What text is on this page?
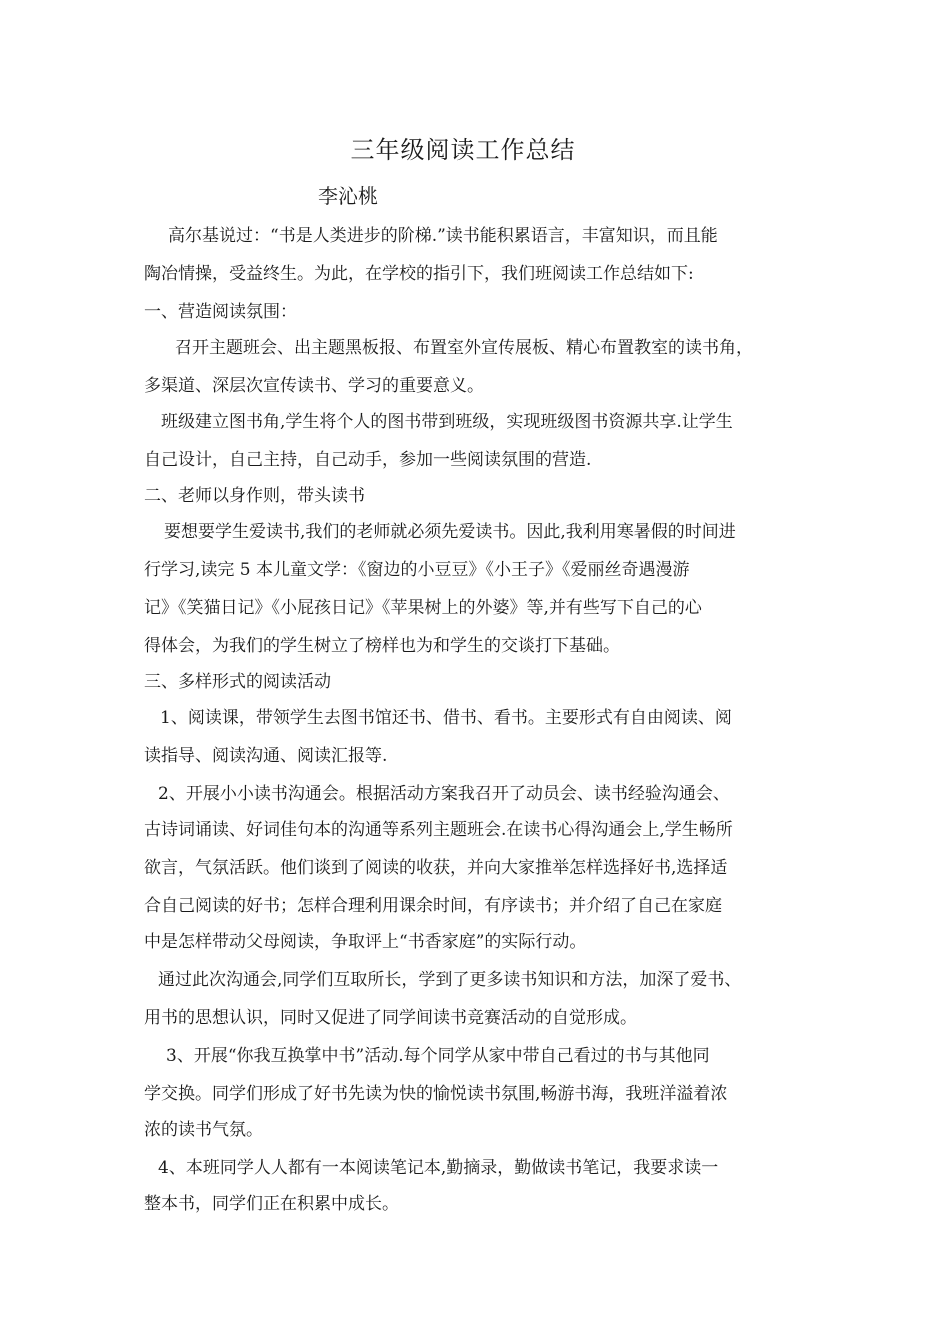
三年级阅读工作总结
李沁桃
高尔基说过：“书是人类进步的阶梯.”读书能积累语言，丰富知识，而且能
陶冶情操，受益终生。为此，在学校的指引下，我们班阅读工作总结如下:
一、营造阅读氛围：
召开主题班会、出主题黑板报、布置室外宣传展板、精心布置教室的读书角，
多渠道、深层次宣传读书、学习的重要意义。
班级建立图书角,学生将个人的图书带到班级，实现班级图书资源共享.让学生
自己设计，自己主持，自己动手，参加一些阅读氛围的营造.
二、老师以身作则，带头读书
要想要学生爱读书,我们的老师就必须先爱读书。因此,我利用寒暑假的时间进
行学习,读完 5 本儿童文学：《窗边的小豆豆》《小王子》《爱丽丝奇遇漫游
记》《笑猫日记》《小屁孩日记》《苹果树上的外婆》等,并有些写下自己的心
得体会，为我们的学生树立了榜样也为和学生的交谈打下基础。
三、多样形式的阅读活动
1、阅读课，带领学生去图书馆还书、借书、看书。主要形式有自由阅读、阅
读指导、阅读沟通、阅读汇报等.
2、开展小小读书沟通会。根据活动方案我召开了动员会、读书经验沟通会、
古诗词诵读、好词佳句本的沟通等系列主题班会.在读书心得沟通会上,学生畅所
欲言，气氛活跃。他们谈到了阅读的收获，并向大家推举怎样选择好书,选择适
合自己阅读的好书；怎样合理利用课余时间，有序读书；并介绍了自己在家庭
中是怎样带动父母阅读，争取评上“书香家庭”的实际行动。
通过此次沟通会,同学们互取所长，学到了更多读书知识和方法，加深了爱书、
用书的思想认识，同时又促进了同学间读书竞赛活动的自觉形成。
3、开展“你我互换掌中书”活动.每个同学从家中带自己看过的书与其他同
学交换。同学们形成了好书先读为快的愉悦读书氛围,畅游书海，我班洋溢着浓
浓的读书气氛。
4、本班同学人人都有一本阅读笔记本,勤摘录，勤做读书笔记，我要求读一
整本书，同学们正在积累中成长。
